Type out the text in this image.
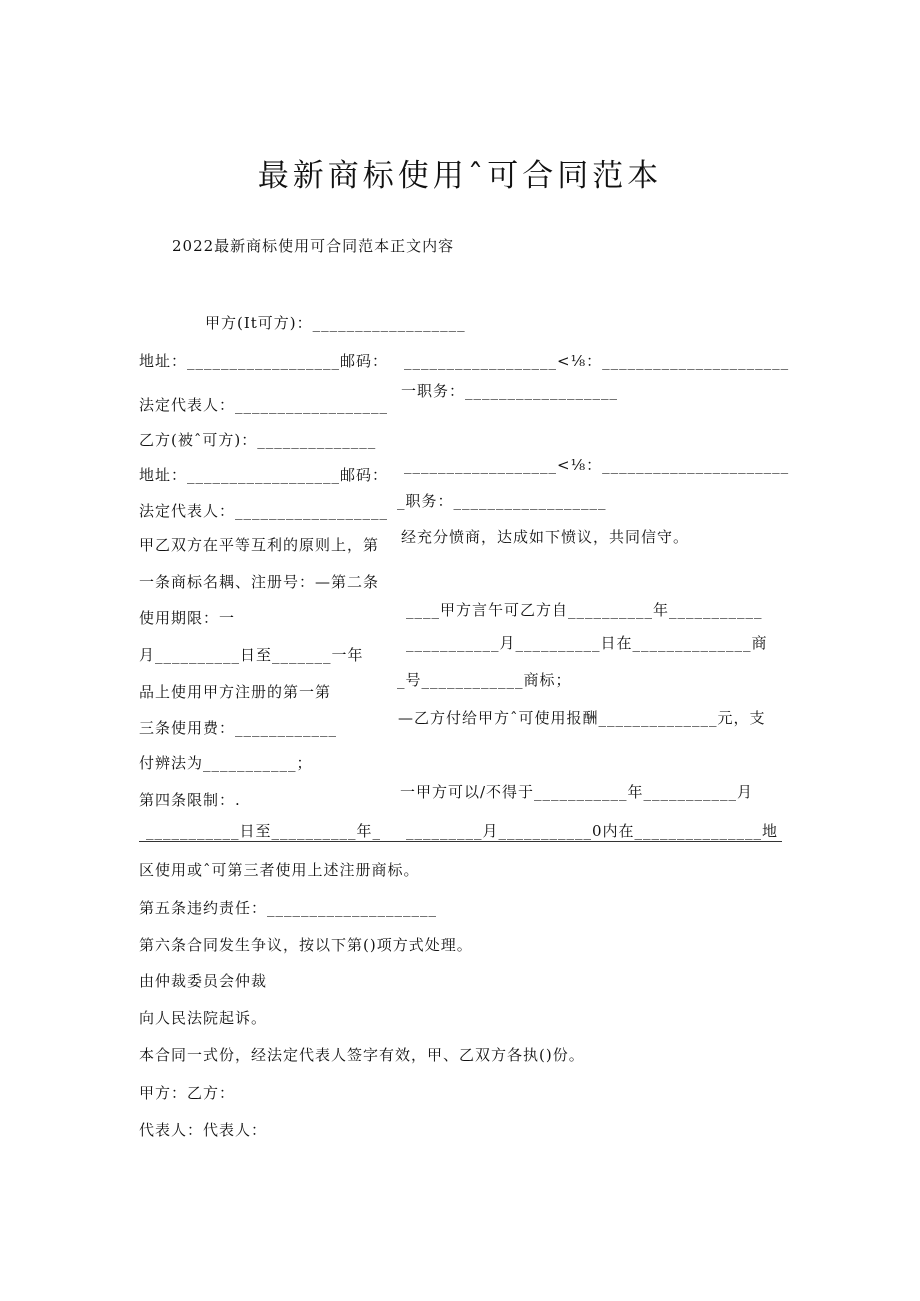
最新商标使用ˆ可合同范本
2022最新商标使用可合同范本正文内容
甲方(It可方)：__________________
地址：__________________邮码： __________________<⅛：______________________
一职务：__________________
法定代表人：__________________
乙方(被ˆ可方)：______________
地址：__________________邮码：
__________________<⅛：______________________
法定代表人：__________________
_职务：__________________
甲乙双方在平等互利的原则上，第 经充分愤商，达成如下愤议，共同信守。
一条商标名耦、注册号：—第二条
使用期限：一	____甲方言午可乙方自__________年___________
月__________日至_______一年
___________月__________日在______________商
品上使用甲方注册的第一第
_号____________商标；
三条使用费：____________
—乙方付给甲方ˆ可使用报酬______________元，支
付辨法为___________；
第四条限制：.	一甲方可以/不得于___________年___________月
___________日至__________年_ _________月___________0内在_______________地
区使用或ˆ可第三者使用上述注册商标。
第五条违约责任：____________________
第六条合同发生争议，按以下第()项方式处理。
由仲裁委员会仲裁
向人民法院起诉。
本合同一式份，经法定代表人签字有效，甲、乙双方各执()份。
甲方：乙方：
代表人：代表人：
